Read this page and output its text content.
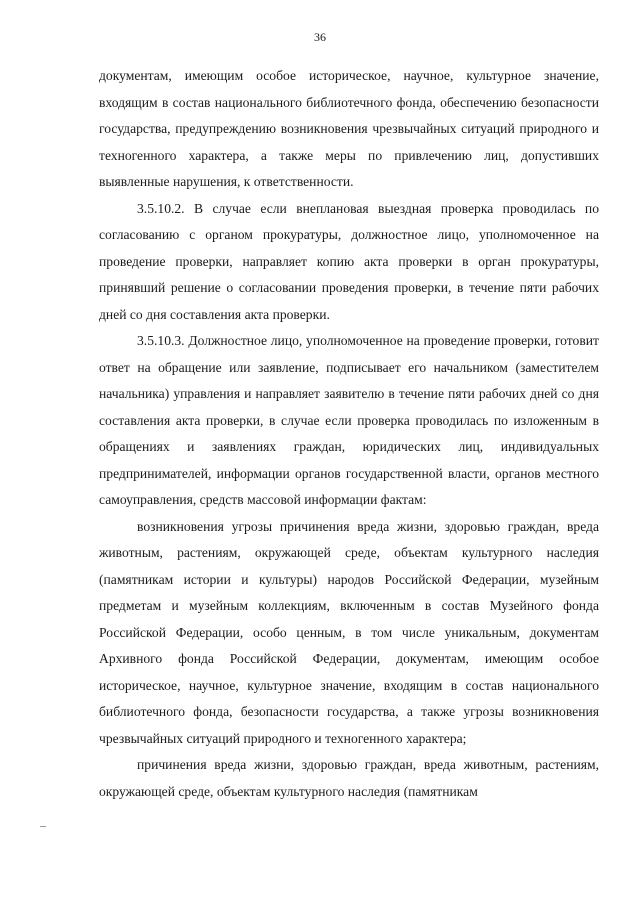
36

документам, имеющим особое историческое, научное, культурное значение, входящим в состав национального библиотечного фонда, обеспечению безопасности государства, предупреждению возникновения чрезвычайных ситуаций природного и техногенного характера, а также меры по привлечению лиц, допустивших выявленные нарушения, к ответственности.

3.5.10.2. В случае если внеплановая выездная проверка проводилась по согласованию с органом прокуратуры, должностное лицо, уполномоченное на проведение проверки, направляет копию акта проверки в орган прокуратуры, принявший решение о согласовании проведения проверки, в течение пяти рабочих дней со дня составления акта проверки.

3.5.10.3. Должностное лицо, уполномоченное на проведение проверки, готовит ответ на обращение или заявление, подписывает его начальником (заместителем начальника) управления и направляет заявителю в течение пяти рабочих дней со дня составления акта проверки, в случае если проверка проводилась по изложенным в обращениях и заявлениях граждан, юридических лиц, индивидуальных предпринимателей, информации органов государственной власти, органов местного самоуправления, средств массовой информации фактам:

возникновения угрозы причинения вреда жизни, здоровью граждан, вреда животным, растениям, окружающей среде, объектам культурного наследия (памятникам истории и культуры) народов Российской Федерации, музейным предметам и музейным коллекциям, включенным в состав Музейного фонда Российской Федерации, особо ценным, в том числе уникальным, документам Архивного фонда Российской Федерации, документам, имеющим особое историческое, научное, культурное значение, входящим в состав национального библиотечного фонда, безопасности государства, а также угрозы возникновения чрезвычайных ситуаций природного и техногенного характера;

причинения вреда жизни, здоровью граждан, вреда животным, растениям, окружающей среде, объектам культурного наследия (памятникам

–
